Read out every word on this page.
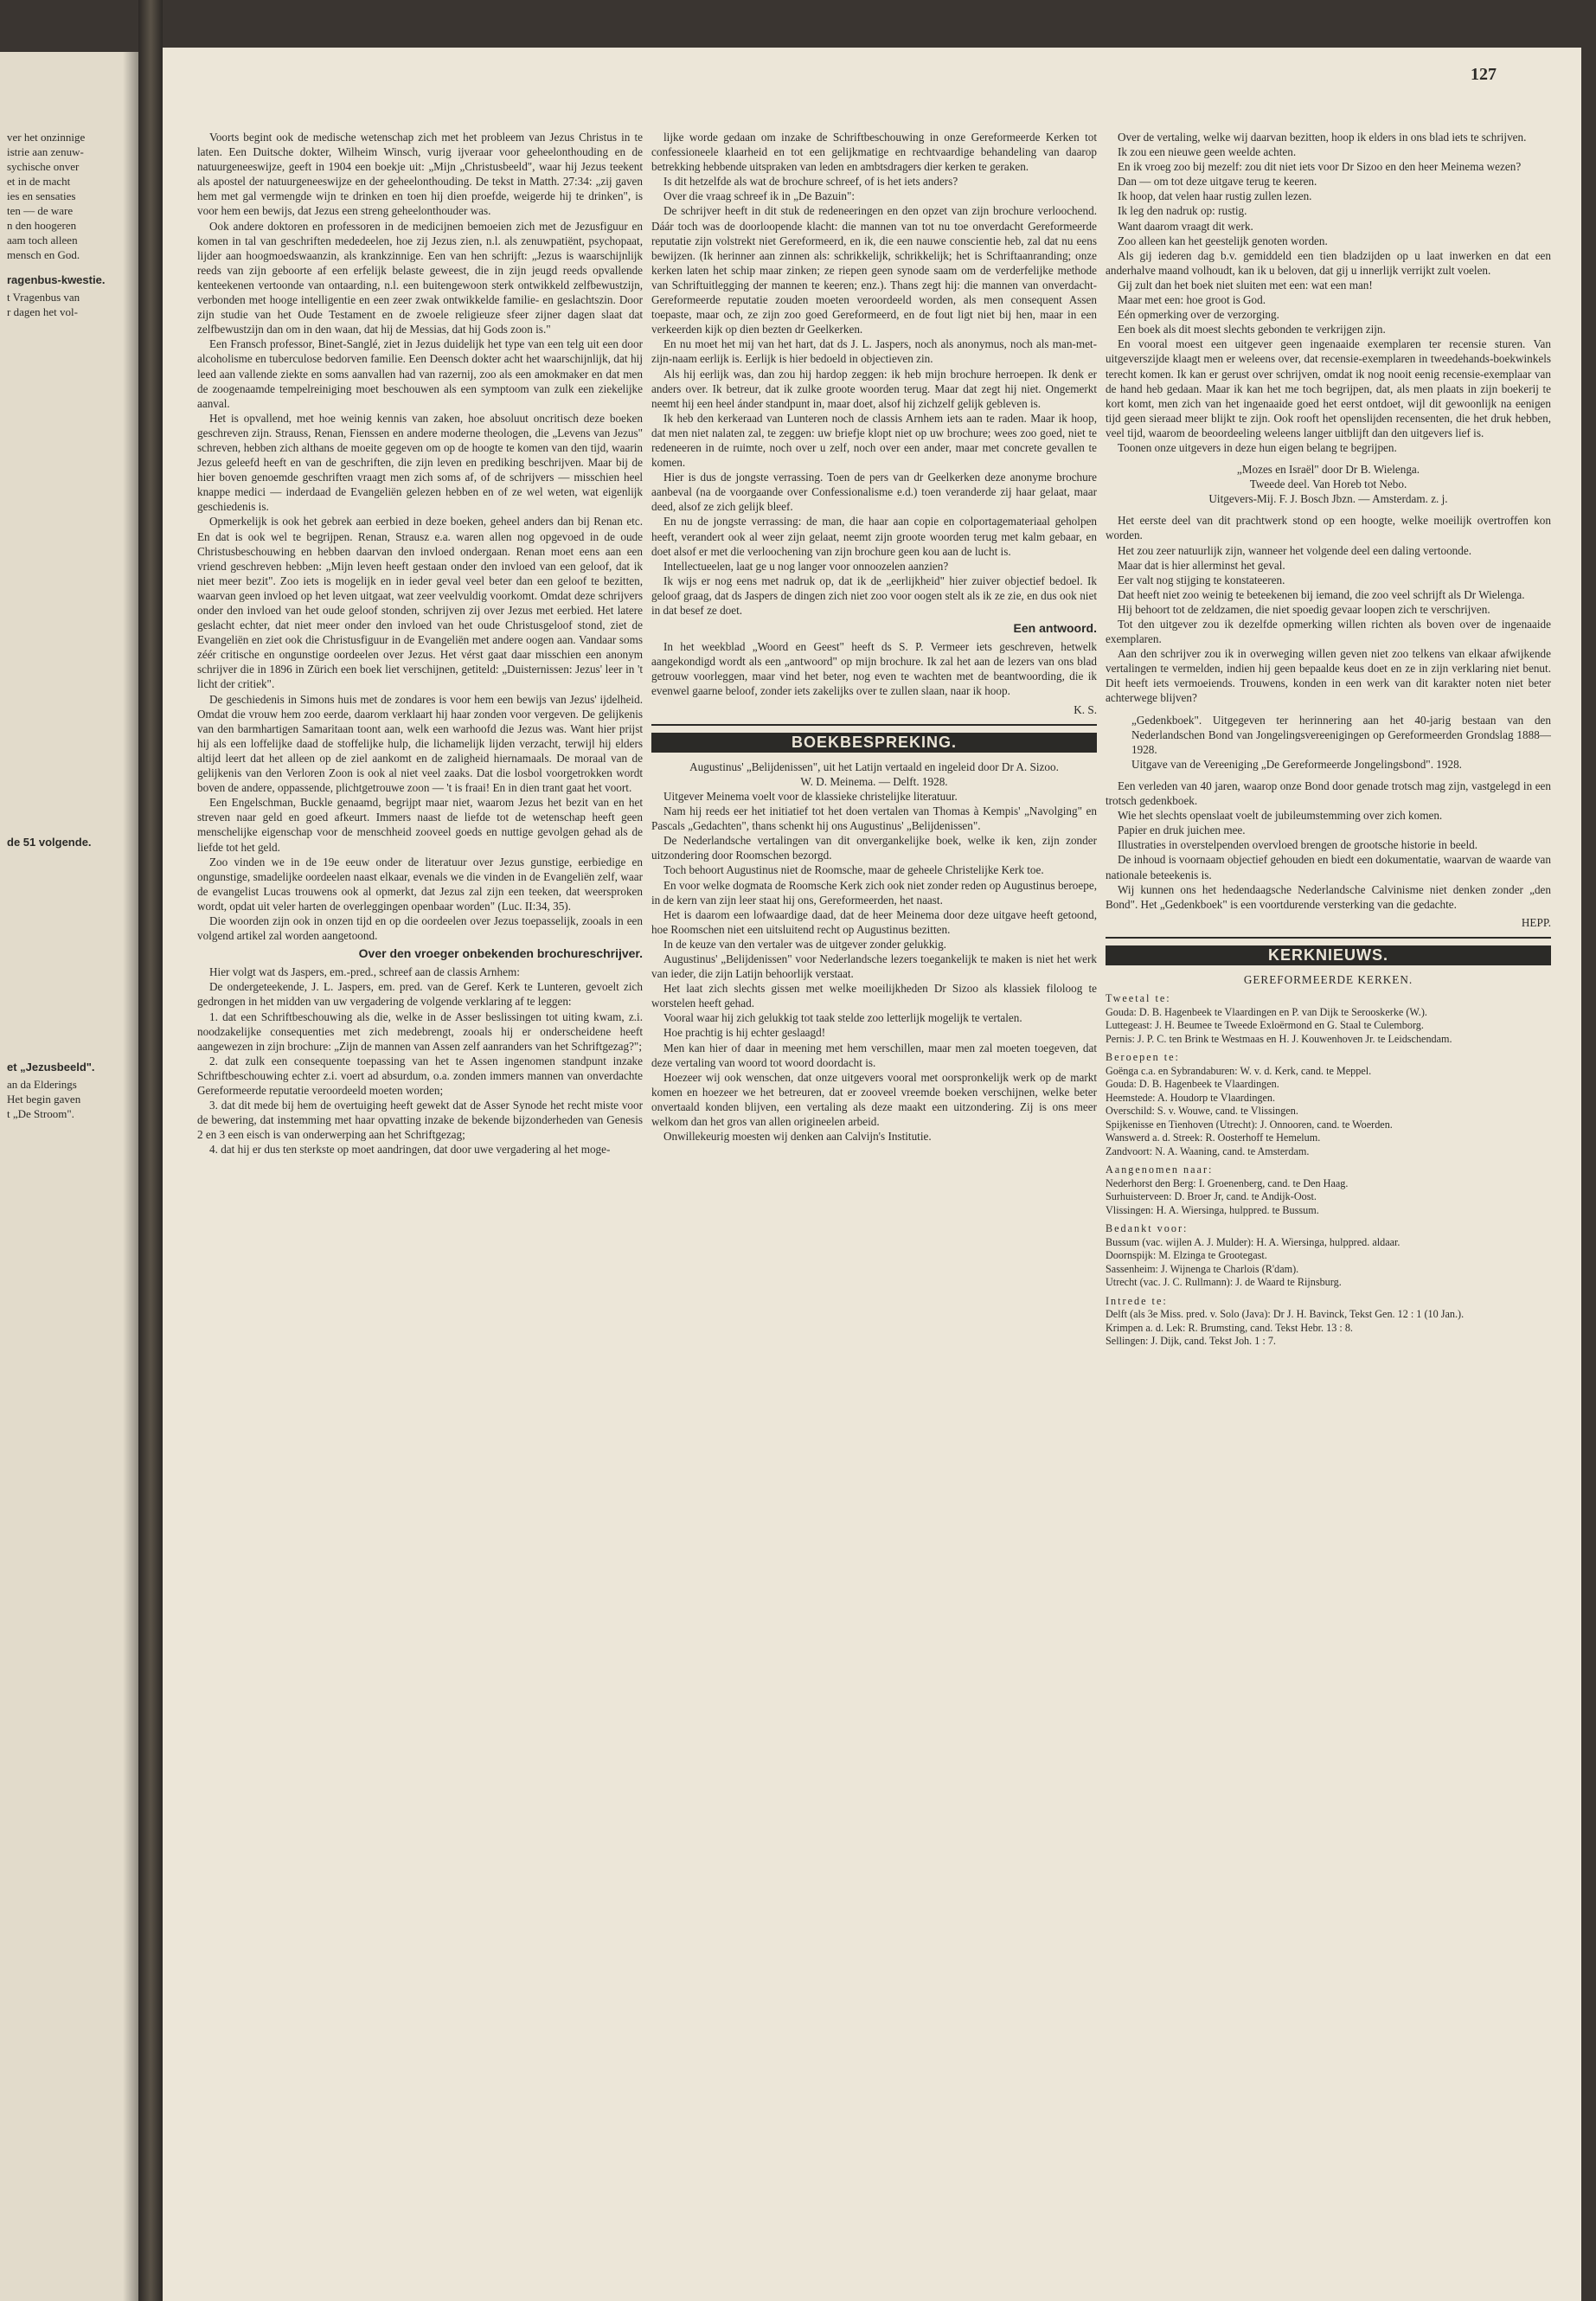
ver het onzinnige
istrie aan zenuw-
sychische onver
et in de macht
ies en sensaties
ten — de ware
n den hoogeren
aam toch alleen
mensch en God.
ragenbus-kwestie.
t Vragenbus van
r dagen het vol-
de 51 volgende.
et „Jezusbeeld".
an da Elderings
Het begin gaven
t „De Stroom".
127

Voorts begint ook de medische wetenschap zich met het probleem van Jezus Christus in te laten. Een Duitsche dokter, Wilheim Winsch, vurig ijveraar voor geheelonthouding en de natuurgeneeswijze, geeft in 1904 een boekje uit: „Mijn „Christusbeeld", waar hij Jezus teekent als apostel der natuurgeneeswijze en der geheelonthouding. De tekst in Matth. 27:34: „zij gaven hem met gal vermengde wijn te drinken en toen hij dien proefde, weigerde hij te drinken", is voor hem een bewijs, dat Jezus een streng geheelonthouder was.

Ook andere doktoren en professoren in de medicijnen bemoeien zich met de Jezusfiguur en komen in tal van geschriften mededeelen, hoe zij Jezus zien, n.l. als zenuwpatiënt, psychopaat, lijder aan hoogmoedswaanzin, als krankzinnige. Een van hen schrijft: „Jezus is waarschijnlijk reeds van zijn geboorte af een erfelijk belaste geweest, die in zijn jeugd reeds opvallende kenteekenen vertoonde van ontaarding, n.l. een buitengewoon sterk ontwikkeld zelfbewustzijn, verbonden met hooge intelligentie en een zeer zwak ontwikkelde familie- en geslachtszin. Door zijn studie van het Oude Testament en de zwoele religieuze sfeer zijner dagen slaat dat zelfbewustzijn dan om in den waan, dat hij de Messias, dat hij Gods zoon is."

Een Fransch professor, Binet-Sanglé, ziet in Jezus duidelijk het type van een telg uit een door alcoholisme en tuberculose bedorven familie. Een Deensch dokter acht het waarschijnlijk, dat hij leed aan vallende ziekte en soms aanvallen had van razernij, zoo als een amokmaker en dat men de zoogenaamde tempelreiniging moet beschouwen als een symptoom van zulk een ziekelijke aanval.

Het is opvallend, met hoe weinig kennis van zaken, hoe absoluut oncritisch deze boeken geschreven zijn. Strauss, Renan, Fienssen en andere moderne theologen, die „Levens van Jezus" schreven, hebben zich althans de moeite gegeven om op de hoogte te komen van den tijd, waarin Jezus geleefd heeft en van de geschriften, die zijn leven en prediking beschrijven. Maar bij de hier boven genoemde geschriften vraagt men zich soms af, of de schrijvers — misschien heel knappe medici — inderdaad de Evangeliën gelezen hebben en of ze wel weten, wat eigenlijk geschiedenis is.

Opmerkelijk is ook het gebrek aan eerbied in deze boeken, geheel anders dan bij Renan etc. En dat is ook wel te begrijpen. Renan, Strausz e.a. waren allen nog opgevoed in de oude Christusbeschouwing en hebben daarvan den invloed ondergaan. Renan moet eens aan een vriend geschreven hebben: „Mijn leven heeft gestaan onder den invloed van een geloof, dat ik niet meer bezit". Zoo iets is mogelijk en in ieder geval veel beter dan een geloof te bezitten, waarvan geen invloed op het leven uitgaat, wat zeer veelvuldig voorkomt. Omdat deze schrijvers onder den invloed van het oude geloof stonden, schrijven zij over Jezus met eerbied. Het latere geslacht echter, dat niet meer onder den invloed van het oude Christusgeloof stond, ziet de Evangeliën en ziet ook die Christusfiguur in de Evangeliën met andere oogen aan. Vandaar soms zéér critische en ongunstige oordeelen over Jezus. Het vérst gaat daar misschien een anonym schrijver die in 1896 in Zürich een boek liet verschijnen, getiteld: „Duisternissen: Jezus' leer in 't licht der critiek".

De geschiedenis in Simons huis met de zondares is voor hem een bewijs van Jezus' ijdelheid. Omdat die vrouw hem zoo eerde, daarom verklaart hij haar zonden voor vergeven. De gelijkenis van den barmhartigen Samaritaan toont aan, welk een warhoofd die Jezus was. Want hier prijst hij als een loffelijke daad de stoffelijke hulp, die lichamelijk lijden verzacht, terwijl hij elders altijd leert dat het alleen op de ziel aankomt en de zaligheid hiernamaals. De moraal van de gelijkenis van den Verloren Zoon is ook al niet veel zaaks. Dat die losbol voorgetrokken wordt boven de andere, oppassende, plichtgetrouwe zoon — 't is fraai! En in dien trant gaat het voort.

Een Engelschman, Buckle genaamd, begrijpt maar niet, waarom Jezus het bezit van en het streven naar geld en goed afkeurt. Immers naast de liefde tot de wetenschap heeft geen menschelijke eigenschap voor de menschheid zooveel goeds en nuttige gevolgen gehad als de liefde tot het geld.

Zoo vinden we in de 19e eeuw onder de literatuur over Jezus gunstige, eerbiedige en ongunstige, smadelijke oordeelen naast elkaar, evenals we die vinden in de Evangeliën zelf, waar de evangelist Lucas trouwens ook al opmerkt, dat Jezus zal zijn een teeken, dat weersproken wordt, opdat uit veler harten de overleggingen openbaar worden" (Luc. II:34, 35).

Die woorden zijn ook in onzen tijd en op die oordeelen over Jezus toepasselijk, zooals in een volgend artikel zal worden aangetoond.

Over den vroeger onbekenden brochureschrijver.

Hier volgt wat ds Jaspers, em.-pred., schreef aan de classis Arnhem:

De ondergeteekende, J. L. Jaspers, em. pred. van de Geref. Kerk te Lunteren, gevoelt zich gedrongen in het midden van uw vergadering de volgende verklaring af te leggen:

1. dat een Schriftbeschouwing als die, welke in de Asser beslissingen tot uiting kwam, z.i. noodzakelijke consequenties met zich medebrengt, zooals hij er onderscheidene heeft aangewezen in zijn brochure: „Zijn de mannen van Assen zelf aanranders van het Schriftgezag?";

2. dat zulk een consequente toepassing van het te Assen ingenomen standpunt inzake Schriftbeschouwing echter z.i. voert ad absurdum, o.a. zonden immers mannen van onverdachte Gereformeerde reputatie veroordeeld moeten worden;

3. dat dit mede bij hem de overtuiging heeft gewekt dat de Asser Synode het recht miste voor de bewering, dat instemming met haar opvatting inzake de bekende bijzonderheden van Genesis 2 en 3 een eisch is van onderwerping aan het Schriftgezag;

4. dat hij er dus ten sterkste op moet aandringen, dat door uwe vergadering al het moge-

lijke worde gedaan om inzake de Schriftbeschouwing in onze Gereformeerde Kerken tot confessioneele klaarheid en tot een gelijkmatige en rechtvaardige behandeling van daarop betrekking hebbende uitspraken van leden en ambtsdragers dier kerken te geraken.

Is dit hetzelfde als wat de brochure schreef, of is het iets anders?

Over die vraag schreef ik in „De Bazuin":

De schrijver heeft in dit stuk de redeneeringen en den opzet van zijn brochure verloochend. Dáár toch was de doorloopende klacht: die mannen van tot nu toe onverdacht Gereformeerde reputatie zijn volstrekt niet Gereformeerd, en ik, die een nauwe conscientie heb, zal dat nu eens bewijzen. (Ik herinner aan zinnen als: schrikkelijk, schrikkelijk; het is Schriftaanranding; onze kerken laten het schip maar zinken; ze riepen geen synode saam om de verderfelijke methode van Schriftuitlegging der mannen te keeren; enz.). Thans zegt hij: die mannen van onverdacht-Gereformeerde reputatie zouden moeten veroordeeld worden, als men consequent Assen toepaste, maar och, ze zijn zoo goed Gereformeerd, en de fout ligt niet bij hen, maar in een verkeerden kijk op dien bezten dr Geelkerken.

En nu moet het mij van het hart, dat ds J. L. Jaspers, noch als anonymus, noch als man-met-zijn-naam eerlijk is. Eerlijk is hier bedoeld in objectieven zin.

Als hij eerlijk was, dan zou hij hardop zeggen: ik heb mijn brochure herroepen. Ik denk er anders over. Ik betreur, dat ik zulke groote woorden terug. Maar dat zegt hij niet. Ongemerkt neemt hij een heel ánder standpunt in, maar doet, alsof hij zichzelf gelijk gebleven is.

Ik heb den kerkeraad van Lunteren noch de classis Arnhem iets aan te raden. Maar ik hoop, dat men niet nalaten zal, te zeggen: uw briefje klopt niet op uw brochure; wees zoo goed, niet te redeneeren in de ruimte, noch over u zelf, noch over een ander, maar met concrete gevallen te komen.

Hier is dus de jongste verrassing. Toen de pers van dr Geelkerken deze anonyme brochure aanbeval (na de voorgaande over Confessionalisme e.d.) toen veranderde zij haar gelaat, maar deed, alsof ze zich gelijk bleef.

En nu de jongste verrassing: de man, die haar aan copie en colportagemateriaal geholpen heeft, verandert ook al weer zijn gelaat, neemt zijn groote woorden terug met kalm gebaar, en doet alsof er met die verloochening van zijn brochure geen kou aan de lucht is.

Intellectueelen, laat ge u nog langer voor onnoozelen aanzien?

Ik wijs er nog eens met nadruk op, dat ik de „eerlijkheid" hier zuiver objectief bedoel. Ik geloof graag, dat ds Jaspers de dingen zich niet zoo voor oogen stelt als ik ze zie, en dus ook niet in dat besef ze doet.

Een antwoord.

In het weekblad „Woord en Geest" heeft ds S. P. Vermeer iets geschreven, hetwelk aangekondigd wordt als een „antwoord" op mijn brochure. Ik zal het aan de lezers van ons blad getrouw voorleggen, maar vind het beter, nog even te wachten met de beantwoording, die ik evenwel gaarne beloof, zonder iets zakelijks over te zullen slaan, naar ik hoop.

K. S.

BOEKBESPREKING.

Augustinus' „Belijdenissen", uit het Latijn vertaald en ingeleid door Dr A. Sizoo.

W. D. Meinema. — Delft. 1928.

Uitgever Meinema voelt voor de klassieke christelijke literatuur.

Nam hij reeds eer het initiatief tot het doen vertalen van Thomas à Kempis' „Navolging" en Pascals „Gedachten", thans schenkt hij ons Augustinus' „Belijdenissen".

De Nederlandsche vertalingen van dit onvergankelijke boek, welke ik ken, zijn zonder uitzondering door Roomschen bezorgd.

Toch behoort Augustinus niet de Roomsche, maar de geheele Christelijke Kerk toe.

En voor welke dogmata de Roomsche Kerk zich ook niet zonder reden op Augustinus beroepe, in de kern van zijn leer staat hij ons, Gereformeerden, het naast.

Het is daarom een lofwaardige daad, dat de heer Meinema door deze uitgave heeft getoond, hoe Roomschen niet een uitsluitend recht op Augustinus bezitten.

In de keuze van den vertaler was de uitgever zonder gelukkig.

Augustinus' „Belijdenissen" voor Nederlandsche lezers toegankelijk te maken is niet het werk van ieder, die zijn Latijn behoorlijk verstaat.

Het laat zich slechts gissen met welke moeilijkheden Dr Sizoo als klassiek filoloog te worstelen heeft gehad.

Vooral waar hij zich gelukkig tot taak stelde zoo letterlijk mogelijk te vertalen.

Hoe prachtig is hij echter geslaagd!

Men kan hier of daar in meening met hem verschillen, maar men zal moeten toegeven, dat deze vertaling van woord tot woord doordacht is.

Hoezeer wij ook wenschen, dat onze uitgevers vooral met oorspronkelijk werk op de markt komen en hoezeer we het betreuren, dat er zooveel vreemde boeken verschijnen, welke beter onvertaald konden blijven, een vertaling als deze maakt een uitzondering. Zij is ons meer welkom dan het gros van allen origineelen arbeid.

Onwillekeurig moesten wij denken aan Calvijn's Institutie.

Over de vertaling, welke wij daarvan bezitten, hoop ik elders in ons blad iets te schrijven.

Ik zou een nieuwe geen weelde achten.

En ik vroeg zoo bij mezelf: zou dit niet iets voor Dr Sizoo en den heer Meinema wezen?

Dan — om tot deze uitgave terug te keeren.

Ik hoop, dat velen haar rustig zullen lezen.

Ik leg den nadruk op: rustig.

Want daarom vraagt dit werk.

Zoo alleen kan het geestelijk genoten worden.

Als gij iederen dag b.v. gemiddeld een tien bladzijden op u laat inwerken en dat een anderhalve maand volhoudt, kan ik u beloven, dat gij u innerlijk verrijkt zult voelen.

Gij zult dan het boek niet sluiten met een: wat een man!

Maar met een: hoe groot is God.

Eén opmerking over de verzorging.

Een boek als dit moest slechts gebonden te verkrijgen zijn.

En vooral moest een uitgever geen ingenaaide exemplaren ter recensie sturen. Van uitgeverszijde klaagt men er weleens over, dat recensie-exemplaren in tweedehands-boekwinkels terecht komen. Ik kan er gerust over schrijven, omdat ik nog nooit eenig recensie-exemplaar van de hand heb gedaan. Maar ik kan het me toch begrijpen, dat, als men plaats in zijn boekerij te kort komt, men zich van het ingenaaide goed het eerst ontdoet, wijl dit gewoonlijk na eenigen tijd geen sieraad meer blijkt te zijn. Ook rooft het openslijden recensenten, die het druk hebben, veel tijd, waarom de beoordeeling weleens langer uitblijft dan den uitgevers lief is.

Toonen onze uitgevers in deze hun eigen belang te begrijpen.

„Mozes en Israël" door Dr B. Wielenga.

Tweede deel. Van Horeb tot Nebo.

Uitgevers-Mij. F. J. Bosch Jbzn. — Amsterdam. z. j.

Het eerste deel van dit prachtwerk stond op een hoogte, welke moeilijk overtroffen kon worden.

Het zou zeer natuurlijk zijn, wanneer het volgende deel een daling vertoonde.

Maar dat is hier allerminst het geval.

Eer valt nog stijging te konstateeren.

Dat heeft niet zoo weinig te beteekenen bij iemand, die zoo veel schrijft als Dr Wielenga.

Hij behoort tot de zeldzamen, die niet spoedig gevaar loopen zich te verschrijven.

Tot den uitgever zou ik dezelfde opmerking willen richten als boven over de ingenaaide exemplaren.

Aan den schrijver zou ik in overweging willen geven niet zoo telkens van elkaar afwijkende vertalingen te vermelden, indien hij geen bepaalde keus doet en ze in zijn verklaring niet benut. Dit heeft iets vermoeiends. Trouwens, konden in een werk van dit karakter noten niet beter achterwege blijven?

„Gedenkboek". Uitgegeven ter herinnering aan het 40-jarig bestaan van den Nederlandschen Bond van Jongelingsvereenigingen op Gereformeerden Grondslag 1888—1928.

Uitgave van de Vereeniging „De Gereformeerde Jongelingsbond". 1928.

Een verleden van 40 jaren, waarop onze Bond door genade trotsch mag zijn, vastgelegd in een trotsch gedenkboek.

Wie het slechts openslaat voelt de jubileumstemming over zich komen.

Papier en druk juichen mee.

Illustraties in overstelpenden overvloed brengen de grootsche historie in beeld.

De inhoud is voornaam objectief gehouden en biedt een dokumentatie, waarvan de waarde van nationale beteekenis is.

Wij kunnen ons het hedendaagsche Nederlandsche Calvinisme niet denken zonder „den Bond". Het „Gedenkboek" is een voortdurende versterking van die gedachte.

HEPP.

KERKNIEUWS.

GEREFORMEERDE KERKEN.

Tweetal te:

Gouda: D. B. Hagenbeek te Vlaardingen en P. van Dijk te Serooskerke (W.).

Luttegeast: J. H. Beumee te Tweede Exloërmond en G. Staal te Culemborg.

Pernis: J. P. C. ten Brink te Westmaas en H. J. Kouwenhoven Jr. te Leidschendam.

Beroepen te:

Goënga c.a. en Sybrandaburen: W. v. d. Kerk, cand. te Meppel.

Gouda: D. B. Hagenbeek te Vlaardingen.

Heemstede: A. Houdorp te Vlaardingen.

Overschild: S. v. Wouwe, cand. te Vlissingen.

Spijkenisse en Tienhoven (Utrecht): J. Onnooren, cand. te Woerden.

Wanswerd a. d. Streek: R. Oosterhoff te Hemelum.

Zandvoort: N. A. Waaning, cand. te Amsterdam.

Aangenomen naar:

Nederhorst den Berg: I. Groenenberg, cand. te Den Haag.

Surhuisterveen: D. Broer Jr, cand. te Andijk-Oost.

Vlissingen: H. A. Wiersinga, hulppred. te Bussum.

Bedankt voor:

Bussum (vac. wijlen A. J. Mulder): H. A. Wiersinga, hulppred. aldaar.

Doornspijk: M. Elzinga te Grootegast.

Sassenheim: J. Wijnenga te Charlois (R'dam).

Utrecht (vac. J. C. Rullmann): J. de Waard te Rijnsburg.

Intrede te:

Delft (als 3e Miss. pred. v. Solo (Java): Dr J. H. Bavinck, Tekst Gen. 12 : 1 (10 Jan.).

Krimpen a. d. Lek: R. Brumsting, cand. Tekst Hebr. 13 : 8.

Sellingen: J. Dijk, cand. Tekst Joh. 1 : 7.
